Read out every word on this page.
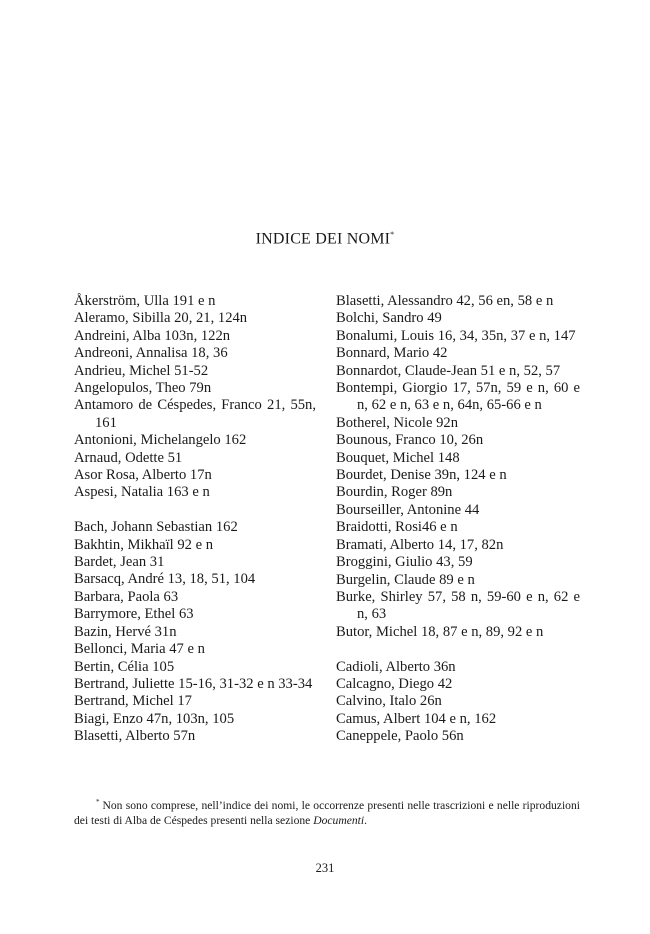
INDICE DEI NOMI*
Åkerström, Ulla 191 e n
Aleramo, Sibilla 20, 21, 124n
Andreini, Alba 103n, 122n
Andreoni, Annalisa 18, 36
Andrieu, Michel 51-52
Angelopulos, Theo 79n
Antamoro de Céspedes, Franco 21, 55n, 161
Antonioni, Michelangelo 162
Arnaud, Odette 51
Asor Rosa, Alberto 17n
Aspesi, Natalia 163 e n
Bach, Johann Sebastian 162
Bakhtin, Mikhaïl 92 e n
Bardet, Jean 31
Barsacq, André 13, 18, 51, 104
Barbara, Paola 63
Barrymore, Ethel 63
Bazin, Hervé 31n
Bellonci, Maria 47 e n
Bertin, Célia 105
Bertrand, Juliette 15-16, 31-32 e n 33-34
Bertrand, Michel 17
Biagi, Enzo 47n, 103n, 105
Blasetti, Alberto 57n
Blasetti, Alessandro 42, 56 en, 58 e n
Bolchi, Sandro 49
Bonalumi, Louis 16, 34, 35n, 37 e n, 147
Bonnard, Mario 42
Bonnardot, Claude-Jean 51 e n, 52, 57
Bontempi, Giorgio 17, 57n, 59 e n, 60 e n, 62 e n, 63 e n, 64n, 65-66 e n
Botherel, Nicole 92n
Bounous, Franco 10, 26n
Bouquet, Michel 148
Bourdet, Denise 39n, 124 e n
Bourdin, Roger 89n
Bourseiller, Antonine 44
Braidotti, Rosi46 e n
Bramati, Alberto 14, 17, 82n
Broggini, Giulio 43, 59
Burgelin, Claude 89 e n
Burke, Shirley 57, 58 n, 59-60 e n, 62 e n, 63
Butor, Michel 18, 87 e n, 89, 92 e n
Cadioli, Alberto 36n
Calcagno, Diego 42
Calvino, Italo 26n
Camus, Albert 104 e n, 162
Caneppele, Paolo 56n
* Non sono comprese, nell’indice dei nomi, le occorrenze presenti nelle trascrizioni e nelle riproduzioni dei testi di Alba de Céspedes presenti nella sezione Documenti.
231
